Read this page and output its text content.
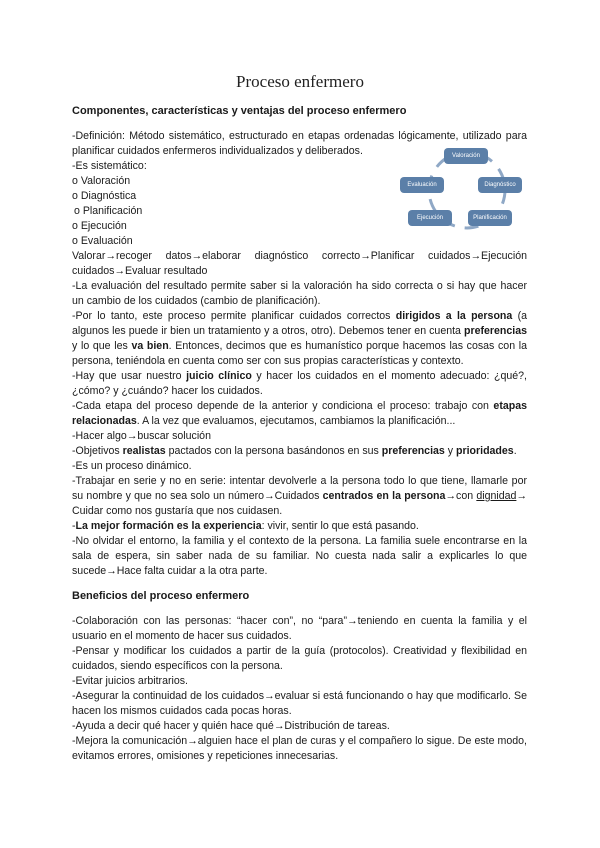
Proceso enfermero
Valoración
Diagnóstico
Planificación
Ejecución
Evaluación

Componentes, características y ventajas del proceso enfermero

-Definición: Método sistemático, estructurado en etapas ordenadas lógicamente, utilizado para planificar cuidados enfermeros individualizados y deliberados.

-Es sistemático:

o Valoración

o Diagnóstica

o Planificación

o Ejecución

o Evaluación

Valorar→recoger datos→elaborar diagnóstico correcto→Planificar cuidados→Ejecución cuidados→Evaluar resultado

-La evaluación del resultado permite saber si la valoración ha sido correcta o si hay que hacer un cambio de los cuidados (cambio de planificación).

-Por lo tanto, este proceso permite planificar cuidados correctos dirigidos a la persona (a algunos les puede ir bien un tratamiento y a otros, otro). Debemos tener en cuenta preferencias y lo que les va bien. Entonces, decimos que es humanístico porque hacemos las cosas con la persona, teniéndola en cuenta como ser con sus propias características y contexto.

-Hay que usar nuestro juicio clínico y hacer los cuidados en el momento adecuado: ¿qué?, ¿cómo? y ¿cuándo? hacer los cuidados.

-Cada etapa del proceso depende de la anterior y condiciona el proceso: trabajo con etapas relacionadas. A la vez que evaluamos, ejecutamos, cambiamos la planificación...

-Hacer algo→buscar solución

-Objetivos realistas pactados con la persona basándonos en sus preferencias y prioridades.

-Es un proceso dinámico.

-Trabajar en serie y no en serie: intentar devolverle a la persona todo lo que tiene, llamarle por su nombre y que no sea solo un número→Cuidados centrados en la persona→con dignidad→ Cuidar como nos gustaría que nos cuidasen.

-La mejor formación es la experiencia: vivir, sentir lo que está pasando.

-No olvidar el entorno, la familia y el contexto de la persona. La familia suele encontrarse en la sala de espera, sin saber nada de su familiar. No cuesta nada salir a explicarles lo que sucede→Hace falta cuidar a la otra parte.

Beneficios del proceso enfermero

-Colaboración con las personas: “hacer con”, no “para”→teniendo en cuenta la familia y el usuario en el momento de hacer sus cuidados.

-Pensar y modificar los cuidados a partir de la guía (protocolos). Creatividad y flexibilidad en cuidados, siendo específicos con la persona.

-Evitar juicios arbitrarios.

-Asegurar la continuidad de los cuidados→evaluar si está funcionando o hay que modificarlo. Se hacen los mismos cuidados cada pocas horas.

-Ayuda a decir qué hacer y quién hace qué→Distribución de tareas.

-Mejora la comunicación→alguien hace el plan de curas y el compañero lo sigue. De este modo, evitamos errores, omisiones y repeticiones innecesarias.
